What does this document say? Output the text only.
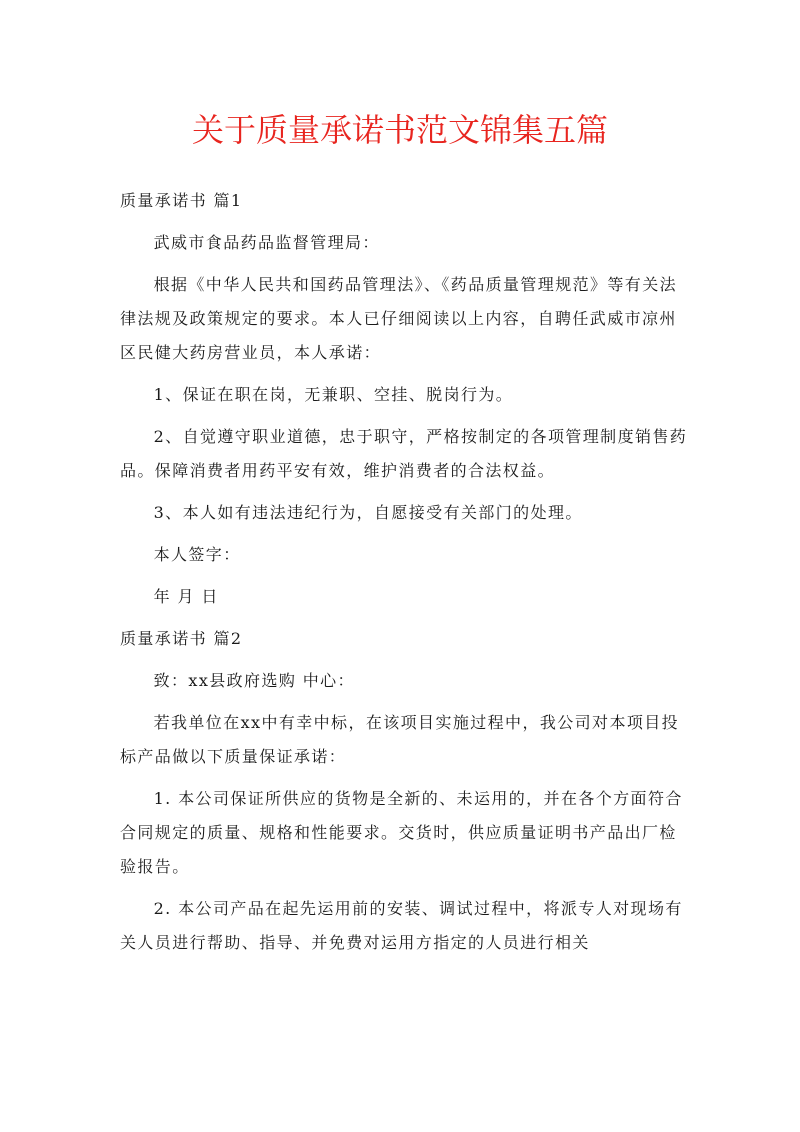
关于质量承诺书范文锦集五篇

质量承诺书 篇1

武威市食品药品监督管理局：

根据《中华人民共和国药品管理法》、《药品质量管理规范》等有关法律法规及政策规定的要求。本人已仔细阅读以上内容，自聘任武威市凉州区民健大药房营业员，本人承诺：

1、保证在职在岗，无兼职、空挂、脱岗行为。

2、自觉遵守职业道德，忠于职守，严格按制定的各项管理制度销售药品。保障消费者用药平安有效，维护消费者的合法权益。

3、本人如有违法违纪行为，自愿接受有关部门的处理。

本人签字：

年 月 日

质量承诺书 篇2

致：xx县政府选购 中心：

若我单位在xx中有幸中标，在该项目实施过程中，我公司对本项目投标产品做以下质量保证承诺：

1. 本公司保证所供应的货物是全新的、未运用的，并在各个方面符合合同规定的质量、规格和性能要求。交货时，供应质量证明书产品出厂检验报告。

2. 本公司产品在起先运用前的安装、调试过程中，将派专人对现场有关人员进行帮助、指导、并免费对运用方指定的人员进行相关
